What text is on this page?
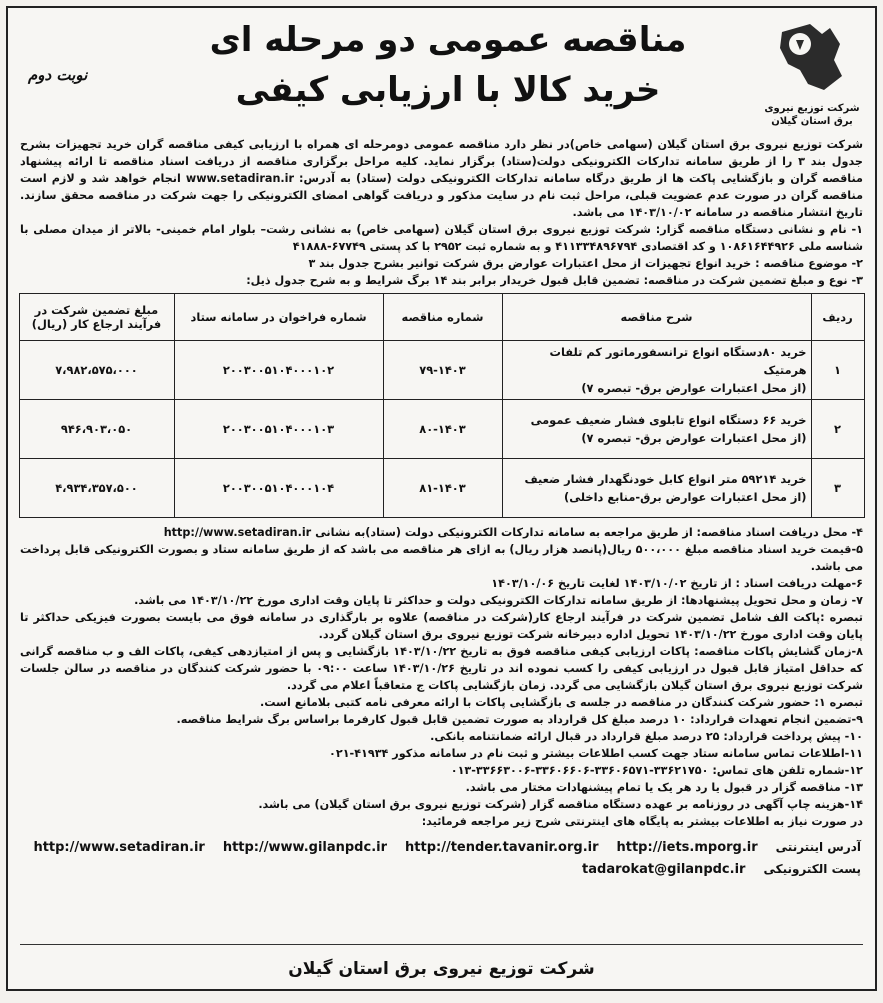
نوبت دوم
مناقصه عمومی دو مرحله ای
خرید کالا با ارزیابی کیفی	شرکت توزیع نیروی برق استان گیلان

شرکت توزیع نیروی برق استان گیلان (سهامی خاص)در نظر دارد مناقصه عمومی دومرحله ای همراه با ارزیابی کیفی مناقصه گران خرید تجهیزات بشرح جدول بند ۳ را از طریق سامانه تدارکات الکترونیکی دولت(ستاد) برگزار نماید. کلیه مراحل برگزاری مناقصه از دریافت اسناد مناقصه تا ارائه پیشنهاد مناقصه گران و بازگشایی پاکت ها از طریق درگاه سامانه تدارکات الکترونیکی دولت (ستاد) به آدرس: www.setadiran.ir انجام خواهد شد و لازم است مناقصه گران در صورت عدم عضویت قبلی، مراحل ثبت نام در سایت مذکور و دریافت گواهی امضای الکترونیکی را جهت شرکت در مناقصه محقق سازند. تاریخ انتشار مناقصه در سامانه ۱۴۰۳/۱۰/۰۲ می باشد.

۱- نام و نشانی دستگاه مناقصه گزار: شرکت توزیع نیروی برق استان گیلان (سهامی خاص) به نشانی رشت– بلوار امام خمینی- بالاتر از میدان مصلی با شناسه ملی ۱۰۸۶۱۶۴۴۹۲۶ و کد اقتصادی ۴۱۱۳۳۴۸۹۶۷۹۴ و به شماره ثبت ۲۹۵۲ با کد پستی ۶۷۷۴۹-۴۱۸۸۸

۲- موضوع مناقصه : خرید انواع تجهیزات از محل اعتبارات عوارض برق شرکت توانیر بشرح جدول بند ۳

۳- نوع و مبلغ تضمین شرکت در مناقصه: تضمین قابل قبول خریدار برابر بند ۱۴ برگ شرایط و به شرح جدول ذیل:

ردیف	شرح مناقصه	شماره مناقصه	شماره فراخوان در سامانه ستاد	مبلغ تضمین شرکت در فرآیند ارجاع کار (ریال)
۱	خرید ۸۰دستگاه انواع ترانسفورماتور کم تلفات هرمتیک
(از محل اعتبارات عوارض برق- تبصره ۷)	۷۹-۱۴۰۳	۲۰۰۳۰۰۵۱۰۴۰۰۰۱۰۲	۷،۹۸۲،۵۷۵،۰۰۰
۲	خرید ۶۶ دستگاه انواع تابلوی فشار ضعیف عمومی
(از محل اعتبارات عوارض برق- تبصره ۷)	۸۰-۱۴۰۳	۲۰۰۳۰۰۵۱۰۴۰۰۰۱۰۳	۹۴۶،۹۰۳،۰۵۰
۳	خرید ۵۹۲۱۴ متر انواع کابل خودنگهدار فشار ضعیف
(از محل اعتبارات عوارض برق-منابع داخلی)	۸۱-۱۴۰۳	۲۰۰۳۰۰۵۱۰۴۰۰۰۱۰۴	۴،۹۳۴،۳۵۷،۵۰۰

۴- محل دریافت اسناد مناقصه: از طریق مراجعه به سامانه تدارکات الکترونیکی دولت (ستاد)به نشانی http://www.setadiran.ir

۵-قیمت خرید اسناد مناقصه مبلغ ۵۰۰،۰۰۰ ریال(پانصد هزار ریال) به ازای هر مناقصه می باشد که از طریق سامانه ستاد و بصورت الکترونیکی قابل پرداخت می باشد.

۶-مهلت دریافت اسناد : از تاریخ ۱۴۰۳/۱۰/۰۲ لغایت تاریخ ۱۴۰۳/۱۰/۰۶

۷- زمان و محل تحویل پیشنهادها: از طریق سامانه تدارکات الکترونیکی دولت و حداکثر تا پایان وقت اداری مورخ ۱۴۰۳/۱۰/۲۲ می باشد.

تبصره :پاکت الف شامل تضمین شرکت در فرآیند ارجاع کار(شرکت در مناقصه) علاوه بر بارگذاری در سامانه فوق می بایست بصورت فیزیکی حداکثر تا پایان وقت اداری مورخ ۱۴۰۳/۱۰/۲۲ تحویل اداره دبیرخانه شرکت توزیع نیروی برق استان گیلان گردد.

۸-زمان گشایش پاکات مناقصه: پاکات ارزیابی کیفی مناقصه فوق به تاریخ ۱۴۰۳/۱۰/۲۲ بازگشایی و پس از امتیازدهی کیفی، پاکات الف و ب مناقصه گرانی که حداقل امتیاز قابل قبول در ارزیابی کیفی را کسب نموده اند در تاریخ ۱۴۰۳/۱۰/۲۶ ساعت ۰۹:۰۰ با حضور شرکت کنندگان در مناقصه در سالن جلسات شرکت توزیع نیروی برق استان گیلان بازگشایی می گردد. زمان بازگشایی پاکات ج متعاقباً اعلام می گردد.

تبصره ۱: حضور شرکت کنندگان در مناقصه در جلسه ی بازگشایی پاکات با ارائه معرفی نامه کتبی بلامانع است.

۹-تضمین انجام تعهدات قرارداد: ۱۰ درصد مبلغ کل قرارداد به صورت تضمین قابل قبول کارفرما براساس برگ شرایط مناقصه.

۱۰- پیش پرداخت قرارداد: ۲۵ درصد مبلغ قرارداد در قبال ارائه ضمانتنامه بانکی.

۱۱-اطلاعات تماس سامانه ستاد جهت کسب اطلاعات بیشتر و ثبت نام در سامانه مذکور ۴۱۹۳۴-۰۲۱

۱۲-شماره تلفن های تماس: ۳۳۶۲۱۷۵۰-۳۳۶۰۶۵۷۱-۳۳۶۰۶۶۰۶-۳۳۶۶۳۰۰۶-۰۱۳

۱۳- مناقصه گزار در قبول یا رد هر یک یا تمام پیشنهادات مختار می باشد.

۱۴-هزینه چاپ آگهی در روزنامه بر عهده دستگاه مناقصه گزار (شرکت توزیع نیروی برق استان گیلان) می باشد.

در صورت نیاز به اطلاعات بیشتر به پایگاه های اینترنتی شرح زیر مراجعه فرمائید:

آدرس اینترنتی
http://iets.mporg.ir
http://tender.tavanir.org.ir
http://www.gilanpdc.ir
http://www.setadiran.ir
پست الکترونیکی
tadarokat@gilanpdc.ir
شرکت توزیع نیروی برق استان گیلان
